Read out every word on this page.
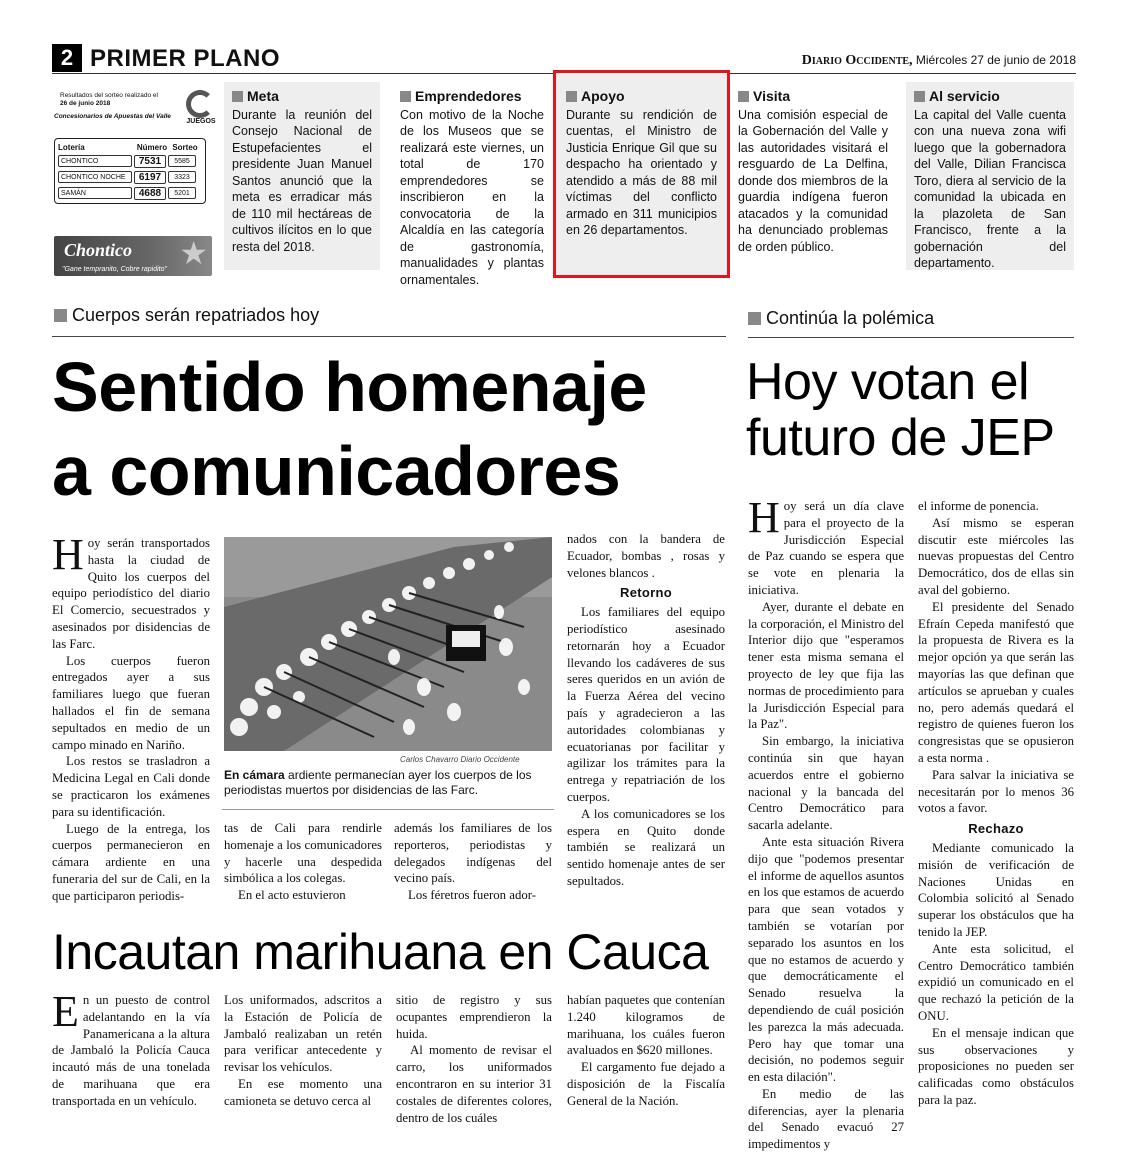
2 PRIMER PLANO	Diario Occidente, Miércoles 27 de junio de 2018
Resultados del sorteo realizado el
26 de junio 2018
Concesionarios de Apuestas del Valle
JUEGOS
Lotería	Número Sorteo
CHONTICO	7531	5585
CHONTICO NOCHE	6197	3323
SAMÁN	4688	5201
Chontico ★
"Gane tempranito, Cobre rapidito"
Meta
Durante la reunión del Consejo Nacional de Estupefacientes el presidente Juan Manuel Santos anunció que la meta es erradicar más de 110 mil hectáreas de cultivos ilícitos en lo que resta del 2018.
Emprendedores
Con motivo de la Noche de los Museos que se realizará este viernes, un total de 170 emprendedores se inscribieron en la convocatoria de la Alcaldía en las categoría de gastronomía, manualidades y plantas ornamentales.
Apoyo
Durante su rendición de cuentas, el Ministro de Justicia Enrique Gil que su despacho ha orientado y atendido a más de 88 mil víctimas del conflicto armado en 311 municipios en 26 departamentos.
Visita
Una comisión especial de la Gobernación del Valle y las autoridades visitará el resguardo de La Delfina, donde dos miembros de la guardia indígena fueron atacados y la comunidad ha denunciado problemas de orden público.
Al servicio
La capital del Valle cuenta con una nueva zona wifi luego que la gobernadora del Valle, Dilian Francisca Toro, diera al servicio de la comunidad la ubicada en la plazoleta de San Francisco, frente a la gobernación del departamento.
Cuerpos serán repatriados hoy
Sentido homenaje
a comunicadores

Hoy serán transportados hasta la ciudad de Quito los cuerpos del equipo periodístico del diario El Comercio, secuestrados y asesinados por disidencias de las Farc.

Los cuerpos fueron entregados ayer a sus familiares luego que fueran hallados el fin de semana sepultados en medio de un campo minado en Nariño.

Los restos se trasladron a Medicina Legal en Cali donde se practicaron los exámenes para su identificación.

Luego de la entrega, los cuerpos permanecieron en cámara ardiente en una funeraria del sur de Cali, en la que participaron periodis-

Carlos Chavarro Diario Occidente
En cámara ardiente permanecían ayer los cuerpos de los periodistas muertos por disidencias de las Farc.

tas de Cali para rendirle homenaje a los comunicadores y hacerle una despedida simbólica a los colegas.

En el acto estuvieron

además los familiares de los reporteros, periodistas y delegados indígenas del vecino país.

Los féretros fueron ador-

nados con la bandera de Ecuador, bombas , rosas y velones blancos .

Retorno

Los familiares del equipo periodístico asesinado retornarán hoy a Ecuador llevando los cadáveres de sus seres queridos en un avión de la Fuerza Aérea del vecino país y agradecieron a las autoridades colombianas y ecuatorianas por facilitar y agilizar los trámites para la entrega y repatriación de los cuerpos.

A los comunicadores se los espera en Quito donde también se realizará un sentido homenaje antes de ser sepultados.

Continúa la polémica
Hoy votan el
futuro de JEP

Hoy será un día clave para el proyecto de la Jurisdicción Especial de Paz cuando se espera que se vote en plenaria la iniciativa.

Ayer, durante el debate en la corporación, el Ministro del Interior dijo que "esperamos tener esta misma semana el proyecto de ley que fija las normas de procedimiento para la Jurisdicción Especial para la Paz".

Sin embargo, la iniciativa continúa sin que hayan acuerdos entre el gobierno nacional y la bancada del Centro Democrático para sacarla adelante.

Ante esta situación Rivera dijo que "podemos presentar el informe de aquellos asuntos en los que estamos de acuerdo para que sean votados y también se votarían por separado los asuntos en los que no estamos de acuerdo y que democráticamente el Senado resuelva la dependiendo de cuál posición les parezca la más adecuada. Pero hay que tomar una decisión, no podemos seguir en esta dilación".

En medio de las diferencias, ayer la plenaria del Senado evacuó 27 impedimentos y

el informe de ponencia.

Así mismo se esperan discutir este miércoles las nuevas propuestas del Centro Democrático, dos de ellas sin aval del gobierno.

El presidente del Senado Efraín Cepeda manifestó que la propuesta de Rivera es la mejor opción ya que serán las mayorías las que definan que artículos se aprueban y cuales no, pero además quedará el registro de quienes fueron los congresistas que se opusieron a esta norma .

Para salvar la iniciativa se necesitarán por lo menos 36 votos a favor.

Rechazo

Mediante comunicado la misión de verificación de Naciones Unidas en Colombia solicitó al Senado superar los obstáculos que ha tenido la JEP.

Ante esta solicitud, el Centro Democrático también expidió un comunicado en el que rechazó la petición de la ONU.

En el mensaje indican que sus observaciones y proposiciones no pueden ser calificadas como obstáculos para la paz.

Incautan marihuana en Cauca

En un puesto de control adelantando en la vía Panamericana a la altura de Jambaló la Policía Cauca incautó más de una tonelada de marihuana que era transportada en un vehículo.

Los uniformados, adscritos a la Estación de Policía de Jambaló realizaban un retén para verificar antecedente y revisar los vehículos.

En ese momento una camioneta se detuvo cerca al

sitio de registro y sus ocupantes emprendieron la huida.

Al momento de revisar el carro, los uniformados encontraron en su interior 31 costales de diferentes colores, dentro de los cuáles

habían paquetes que contenían 1.240 kilogramos de marihuana, los cuáles fueron avaluados en $620 millones.

El cargamento fue dejado a disposición de la Fiscalía General de la Nación.
